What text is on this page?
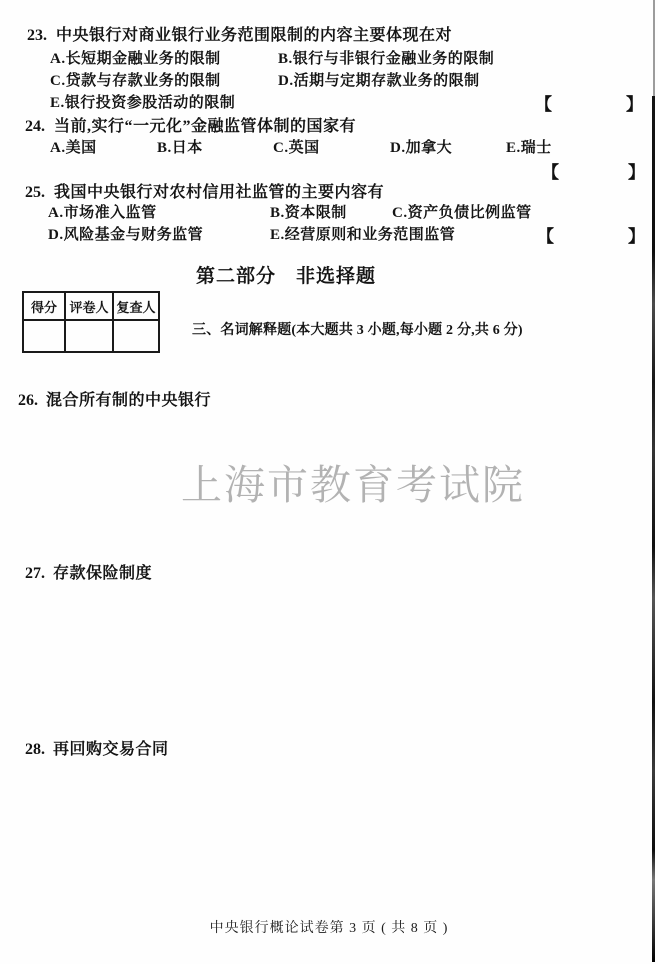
23. 中央银行对商业银行业务范围限制的内容主要体现在对
A.长短期金融业务的限制	B.银行与非银行金融业务的限制
C.贷款与存款业务的限制	D.活期与定期存款业务的限制
E.银行投资参股活动的限制	【	】
24. 当前,实行“一元化”金融监管体制的国家有
A.美国	B.日本	C.英国	D.加拿大	E.瑞士
【	】
25. 我国中央银行对农村信用社监管的主要内容有
A.市场准入监管	B.资本限制	C.资产负债比例监管
D.风险基金与财务监管	E.经营原则和业务范围监管	【	】
第二部分　非选择题
得分	评卷人	复查人

三、名词解释题(本大题共 3 小题,每小题 2 分,共 6 分)
26. 混合所有制的中央银行
上海市教育考试院
27. 存款保险制度
28. 再回购交易合同
中央银行概论试卷第 3 页 ( 共 8 页 )
